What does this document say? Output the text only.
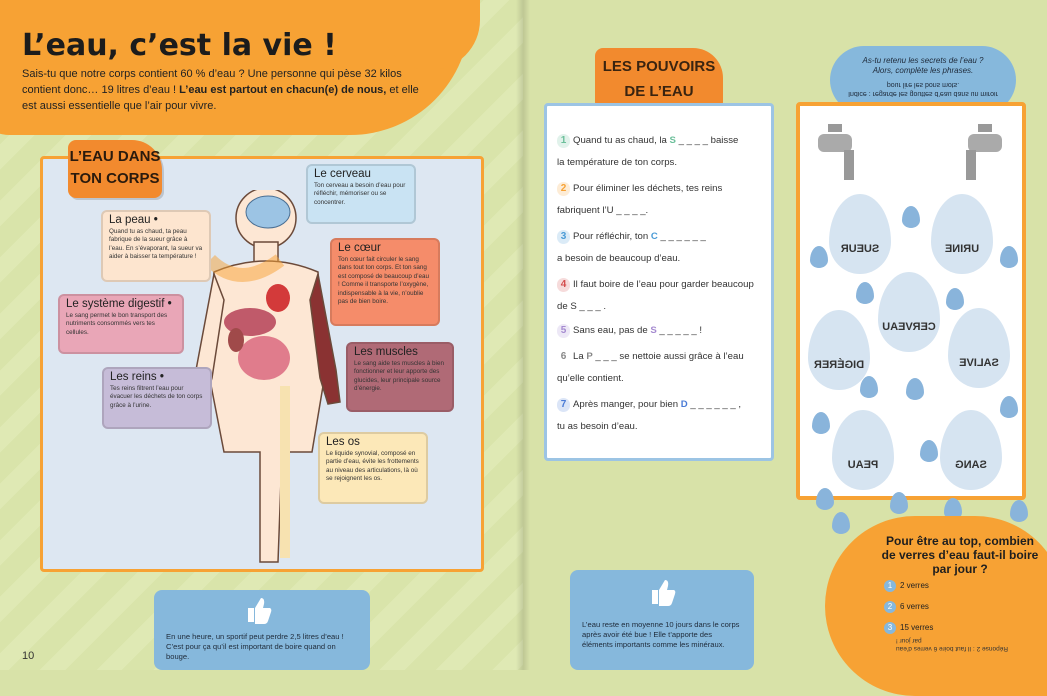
L’eau, c’est la vie !
Sais-tu que notre corps contient 60 % d’eau ? Une personne qui pèse 32 kilos contient donc… 19 litres d’eau ! L’eau est partout en chacun(e) de nous, et elle est aussi essentielle que l’air pour vivre.
L’EAU DANS
TON CORPS
La peau •
Quand tu as chaud, ta peau fabrique de la sueur grâce à l’eau. En s’évaporant, la sueur va aider à baisser ta température !
Le cerveau
Ton cerveau a besoin d’eau pour réfléchir, mémoriser ou se concentrer.
Le cœur
Ton cœur fait circuler le sang dans tout ton corps. Et ton sang est composé de beaucoup d’eau ! Comme il transporte l’oxygène, indispensable à la vie, n’oublie pas de bien boire.
Le système digestif •
Le sang permet le bon transport des nutriments consommés vers tes cellules.
Les muscles
Le sang aide tes muscles à bien fonctionner et leur apporte des glucides, leur principale source d’énergie.
Les reins •
Tes reins filtrent l’eau pour évacuer les déchets de ton corps grâce à l’urine.
Les os
Le liquide synovial, composé en partie d’eau, évite les frottements au niveau des articulations, là où se rejoignent les os.
En une heure, un sportif peut perdre 2,5 litres d’eau ! C’est pour ça qu’il est important de boire quand on bouge.
10
LES POUVOIRS
DE L’EAU
1 Quand tu as chaud, la S _ _ _ _ baisse
la température de ton corps.
2 Pour éliminer les déchets, tes reins
fabriquent l’U _ _ _ _.
3 Pour réfléchir, ton C _ _ _ _ _ _
a besoin de beaucoup d’eau.
4 Il faut boire de l’eau pour garder beaucoup
de S _ _ _ .
5 Sans eau, pas de S _ _ _ _ _ !
6 La P _ _ _ se nettoie aussi grâce à l’eau
qu’elle contient.
7 Après manger, pour bien D _ _ _ _ _ _ ,
tu as besoin d’eau.
As-tu retenu les secrets de l’eau ?
Alors, complète les phrases.
Indice : regarde les gouttes d’eau dans un miroir pour lire les bons mots.
SUEUR	URINE
CERVEAU
DIGÉRER	SALIVE
PEAU	SANG
L’eau reste en moyenne 10 jours dans le corps après avoir été bue ! Elle t’apporte des éléments importants comme les minéraux.
Pour être au top, combien de verres d’eau faut-il boire par jour ?
1 2 verres
2 6 verres
3 15 verres
Réponse 2 : Il faut boire 6 verres d’eau par jour !
